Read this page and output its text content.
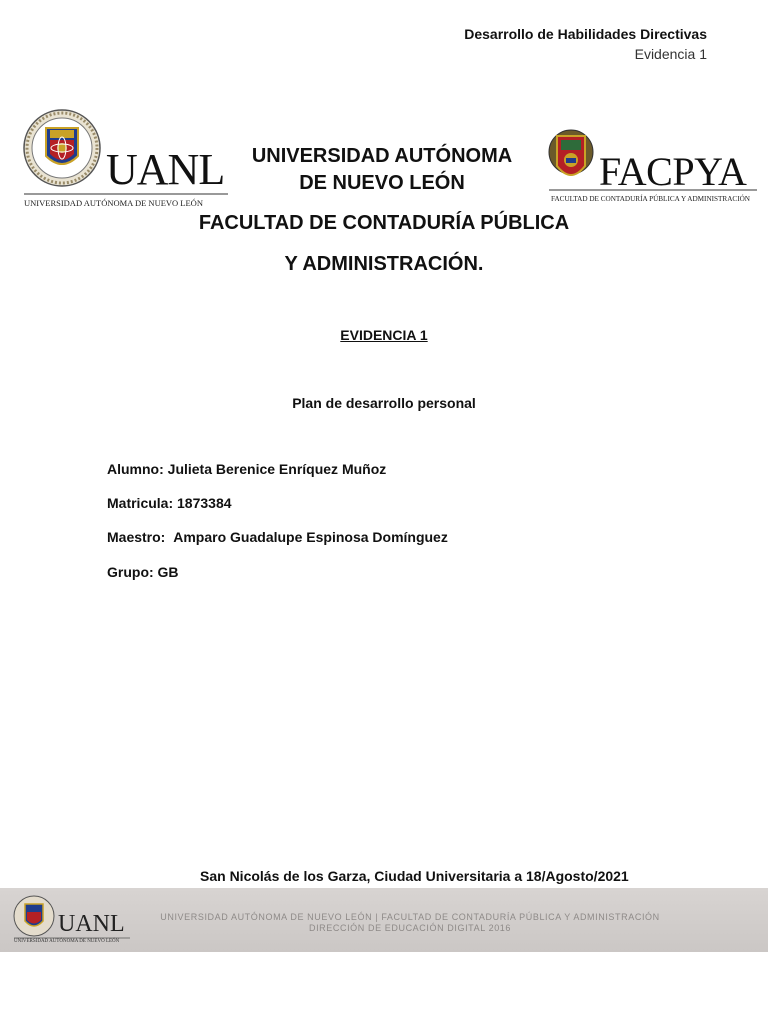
Desarrollo de Habilidades Directivas
Evidencia 1
UANL
UNIVERSIDAD AUTÓNOMA DE NUEVO LEÓN
FACPYA
FACULTAD DE CONTADURÍA PÚBLICA Y ADMINISTRACIÓN
UNIVERSIDAD AUTÓNOMA
DE NUEVO LEÓN
FACULTAD DE CONTADURÍA PÚBLICA
Y ADMINISTRACIÓN.
EVIDENCIA 1
Plan de desarrollo personal
Alumno: Julieta Berenice Enríquez Muñoz
Matricula: 1873384
Maestro: Amparo Guadalupe Espinosa Domínguez
Grupo: GB
San Nicolás de los Garza, Ciudad Universitaria a 18/Agosto/2021
UANL
UNIVERSIDAD AUTÓNOMA DE NUEVO LEÓN
UNIVERSIDAD AUTÓNOMA DE NUEVO LEÓN | FACULTAD DE CONTADURÍA PÚBLICA Y ADMINISTRACIÓN
DIRECCIÓN DE EDUCACIÓN DIGITAL 2016
